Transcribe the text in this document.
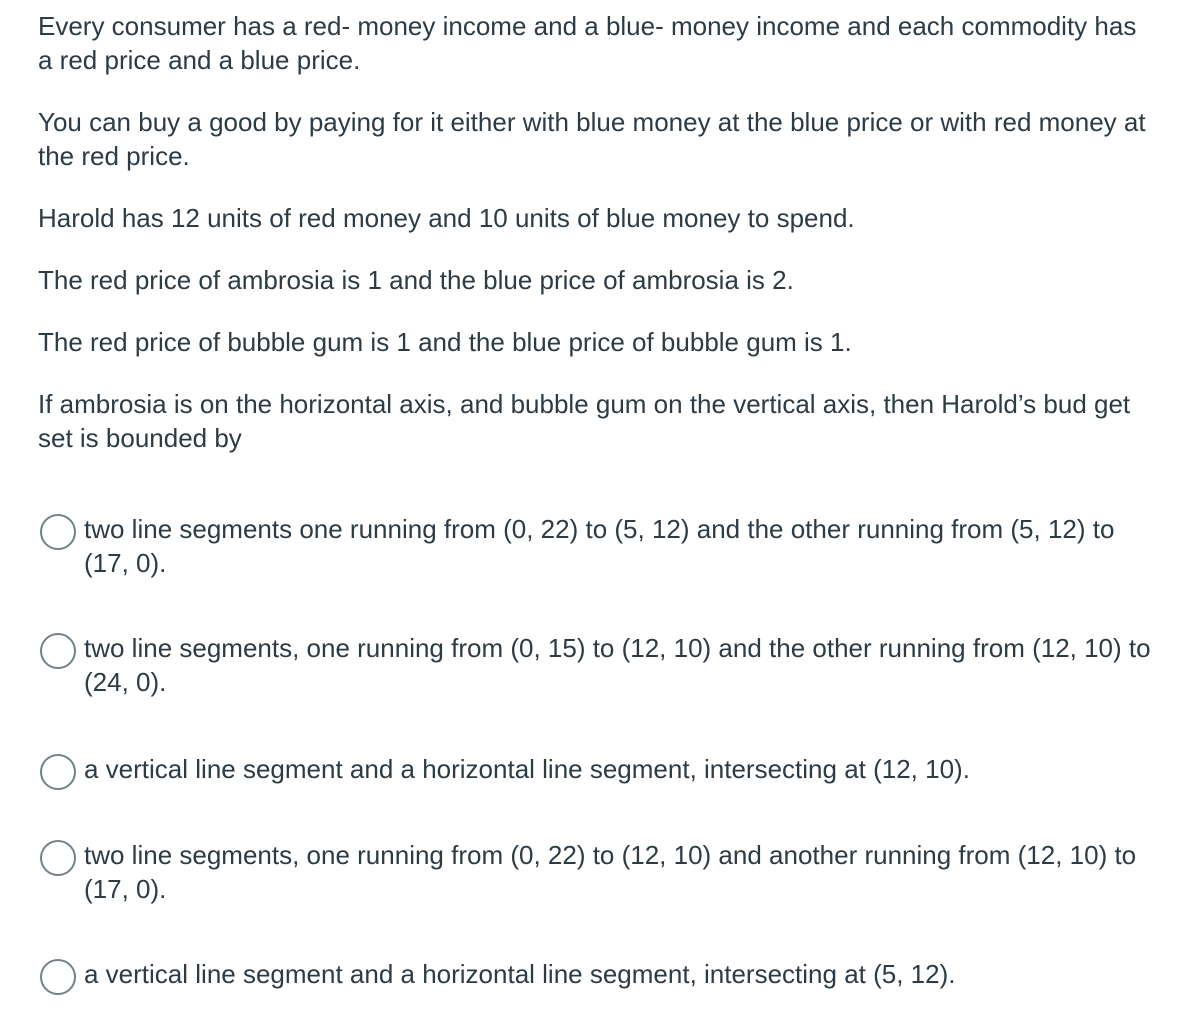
Every consumer has a red- money income and a blue- money income and each commodity has a red price and a blue price.

You can buy a good by paying for it either with blue money at the blue price or with red money at the red price.

Harold has 12 units of red money and 10 units of blue money to spend.

The red price of ambrosia is 1 and the blue price of ambrosia is 2.

The red price of bubble gum is 1 and the blue price of bubble gum is 1.

If ambrosia is on the horizontal axis, and bubble gum on the vertical axis, then Harold’s bud get set is bounded by

two line segments one running from (0, 22) to (5, 12) and the other running from (5, 12) to (17, 0).
two line segments, one running from (0, 15) to (12, 10) and the other running from (12, 10) to (24, 0).
a vertical line segment and a horizontal line segment, intersecting at (12, 10).
two line segments, one running from (0, 22) to (12, 10) and another running from (12, 10) to (17, 0).
a vertical line segment and a horizontal line segment, intersecting at (5, 12).
